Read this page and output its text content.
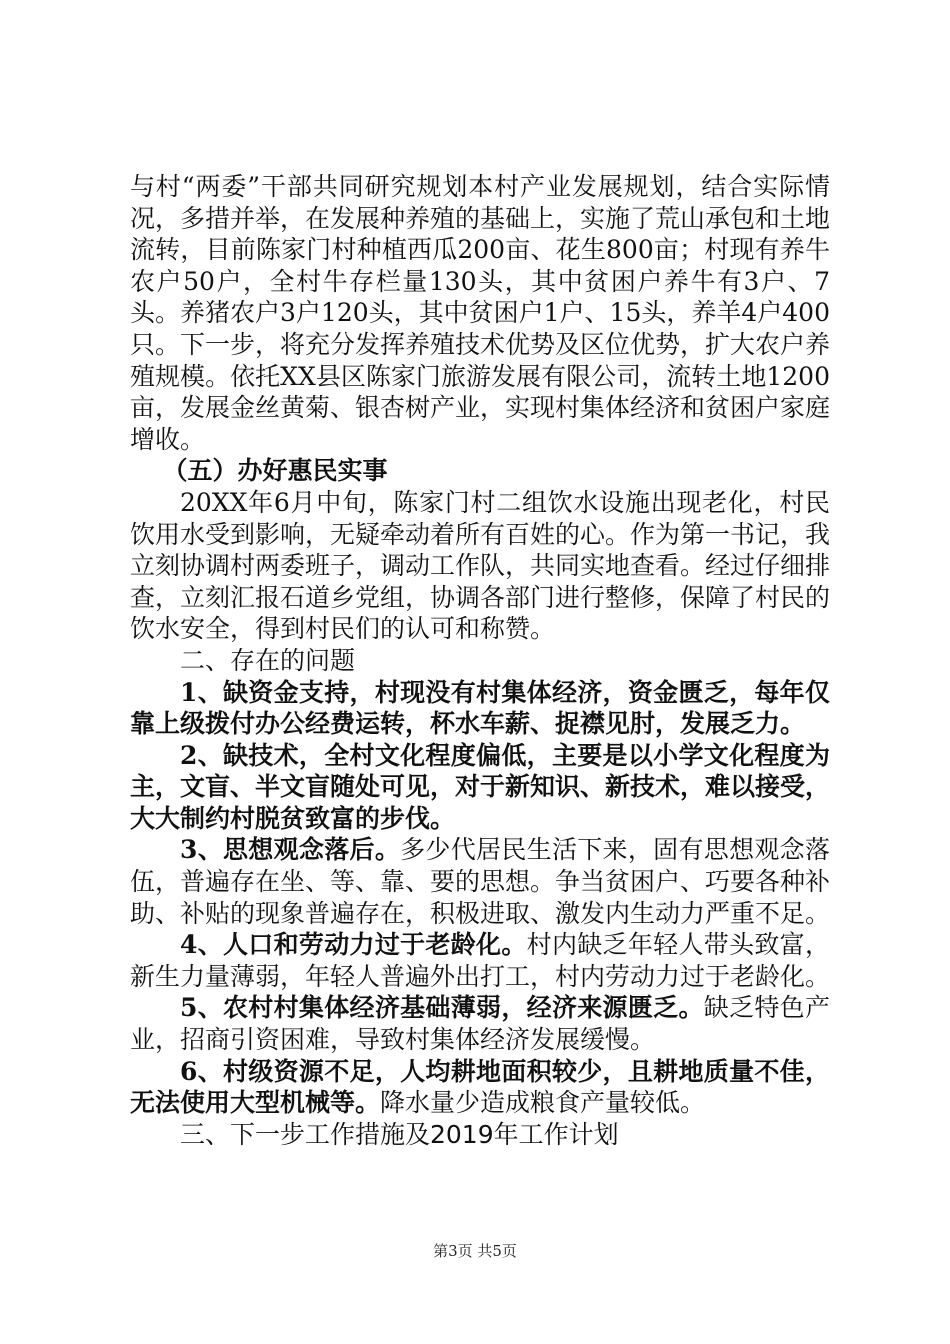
与村“两委”干部共同研究规划本村产业发展规划，结合实际情况，多措并举，在发展种养殖的基础上，实施了荒山承包和土地流转，目前陈家门村种植西瓜200亩、花生800亩；村现有养牛农户50户，全村牛存栏量130头，其中贫困户养牛有3户、7头。养猪农户3户120头，其中贫困户1户、15头，养羊4户400只。下一步，将充分发挥养殖技术优势及区位优势，扩大农户养殖规模。依托XX县区陈家门旅游发展有限公司，流转土地1200亩，发展金丝黄菊、银杏树产业，实现村集体经济和贫困户家庭增收。

（五）办好惠民实事

20XX年6月中旬，陈家门村二组饮水设施出现老化，村民饮用水受到影响，无疑牵动着所有百姓的心。作为第一书记，我立刻协调村两委班子，调动工作队，共同实地查看。经过仔细排查，立刻汇报石道乡党组，协调各部门进行整修，保障了村民的饮水安全，得到村民们的认可和称赞。

二、存在的问题

1、缺资金支持，村现没有村集体经济，资金匮乏，每年仅靠上级拨付办公经费运转，杯水车薪、捉襟见肘，发展乏力。

2、缺技术，全村文化程度偏低，主要是以小学文化程度为主，文盲、半文盲随处可见，对于新知识、新技术，难以接受，大大制约村脱贫致富的步伐。

3、思想观念落后。多少代居民生活下来，固有思想观念落伍，普遍存在坐、等、靠、要的思想。争当贫困户、巧要各种补助、补贴的现象普遍存在，积极进取、激发内生动力严重不足。

4、人口和劳动力过于老龄化。村内缺乏年轻人带头致富，新生力量薄弱，年轻人普遍外出打工，村内劳动力过于老龄化。

5、农村村集体经济基础薄弱，经济来源匮乏。缺乏特色产业，招商引资困难，导致村集体经济发展缓慢。

6、村级资源不足，人均耕地面积较少，且耕地质量不佳，无法使用大型机械等。降水量少造成粮食产量较低。

三、下一步工作措施及2019年工作计划

第3页 共5页
